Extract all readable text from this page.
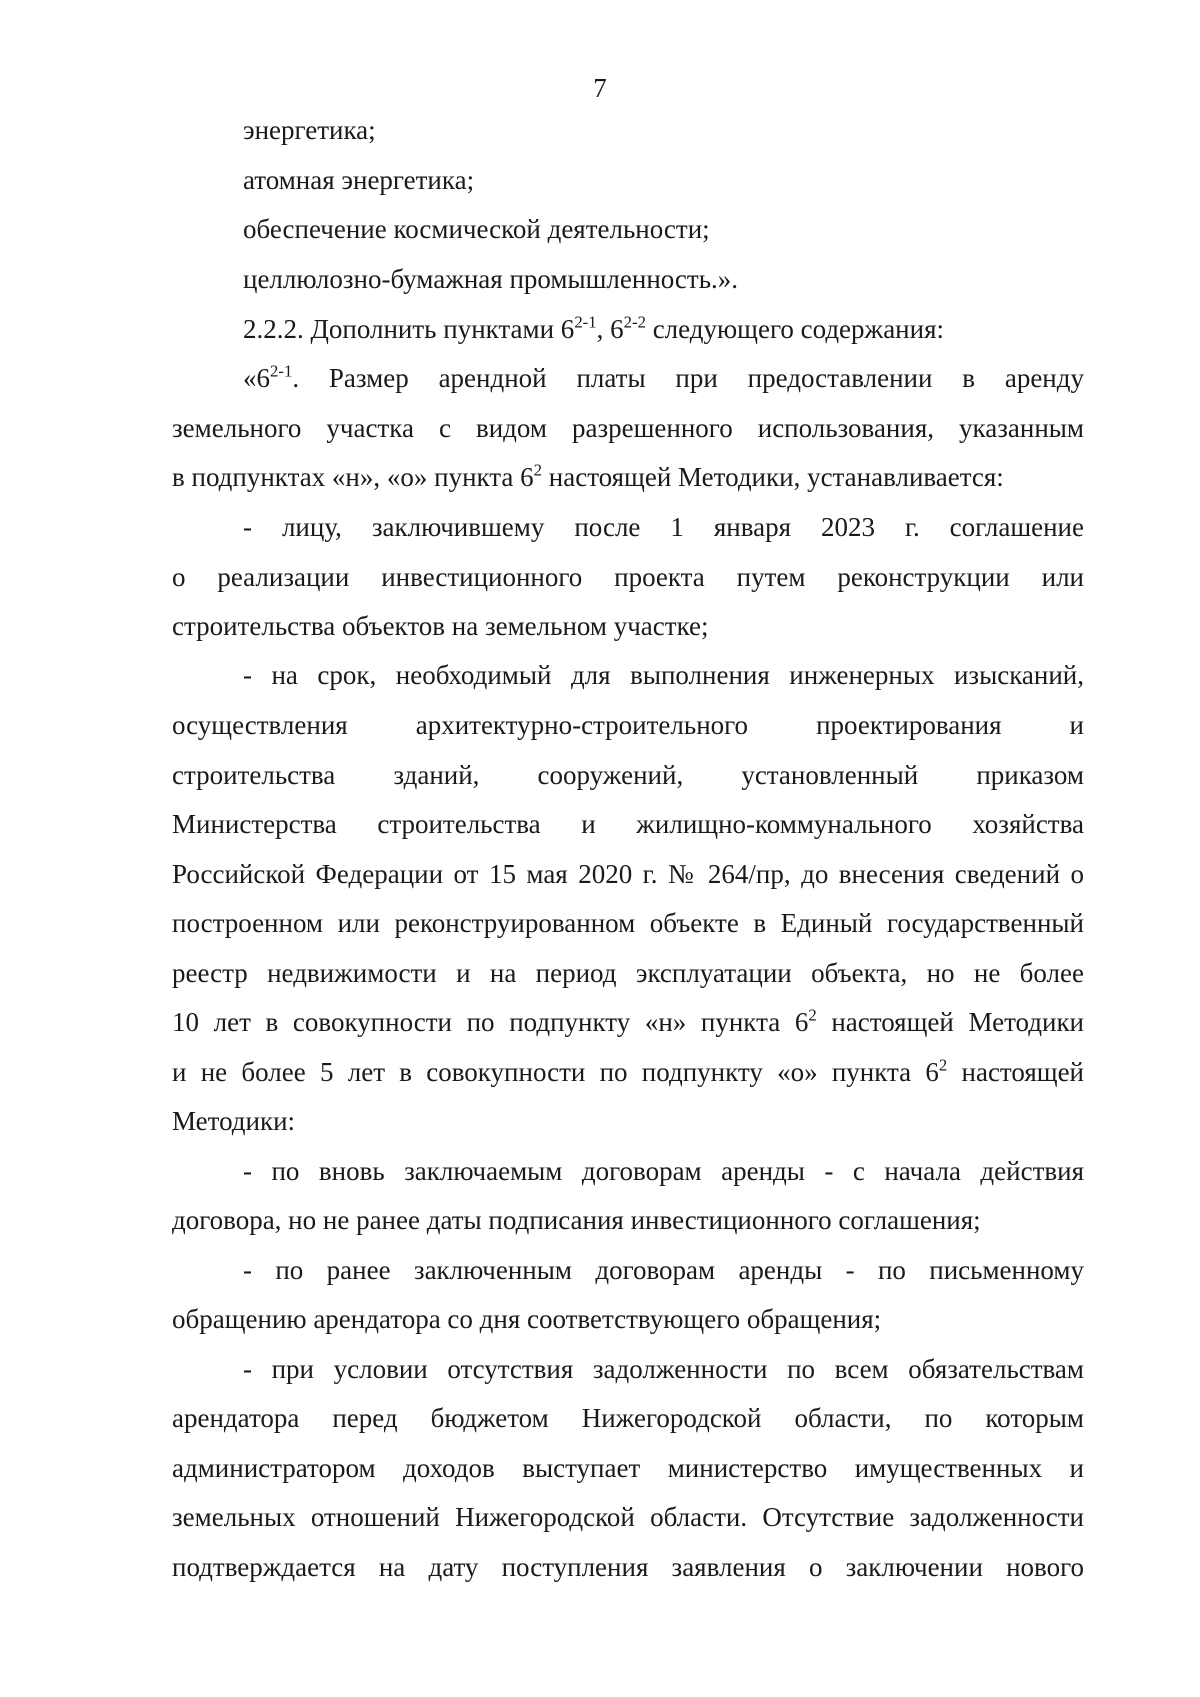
7
энергетика;
атомная энергетика;
обеспечение космической деятельности;
целлюлозно-бумажная промышленность.».
2.2.2. Дополнить пунктами 6$^{2-1}$, 6$^{2-2}$ следующего содержания:
«6$^{2-1}$. Размер арендной платы при предоставлении в аренду
земельного участка с видом разрешенного использования, указанным
в подпунктах «н», «о» пункта $6^2$ настоящей Методики, устанавливается:
- лицу, заключившему после 1 января 2023 г. соглашение
о реализации инвестиционного проекта путем реконструкции или
строительства объектов на земельном участке;
- на срок, необходимый для выполнения инженерных изысканий,
осуществления архитектурно-строительного проектирования и
строительства зданий, сооружений, установленный приказом
Министерства строительства и жилищно-коммунального хозяйства
Российской Федерации от 15 мая 2020 г. № 264/пр, до внесения сведений о
построенном или реконструированном объекте в Единый государственный
реестр недвижимости и на период эксплуатации объекта, но не более
10 лет в совокупности по подпункту «н» пункта $6^2$ настоящей Методики
и не более 5 лет в совокупности по подпункту «о» пункта $6^2$ настоящей
Методики:
- по вновь заключаемым договорам аренды - с начала действия
договора, но не ранее даты подписания инвестиционного соглашения;
- по ранее заключенным договорам аренды - по письменному
обращению арендатора со дня соответствующего обращения;
- при условии отсутствия задолженности по всем обязательствам
арендатора перед бюджетом Нижегородской области, по которым
администратором доходов выступает министерство имущественных и
земельных отношений Нижегородской области. Отсутствие задолженности
подтверждается на дату поступления заявления о заключении нового
